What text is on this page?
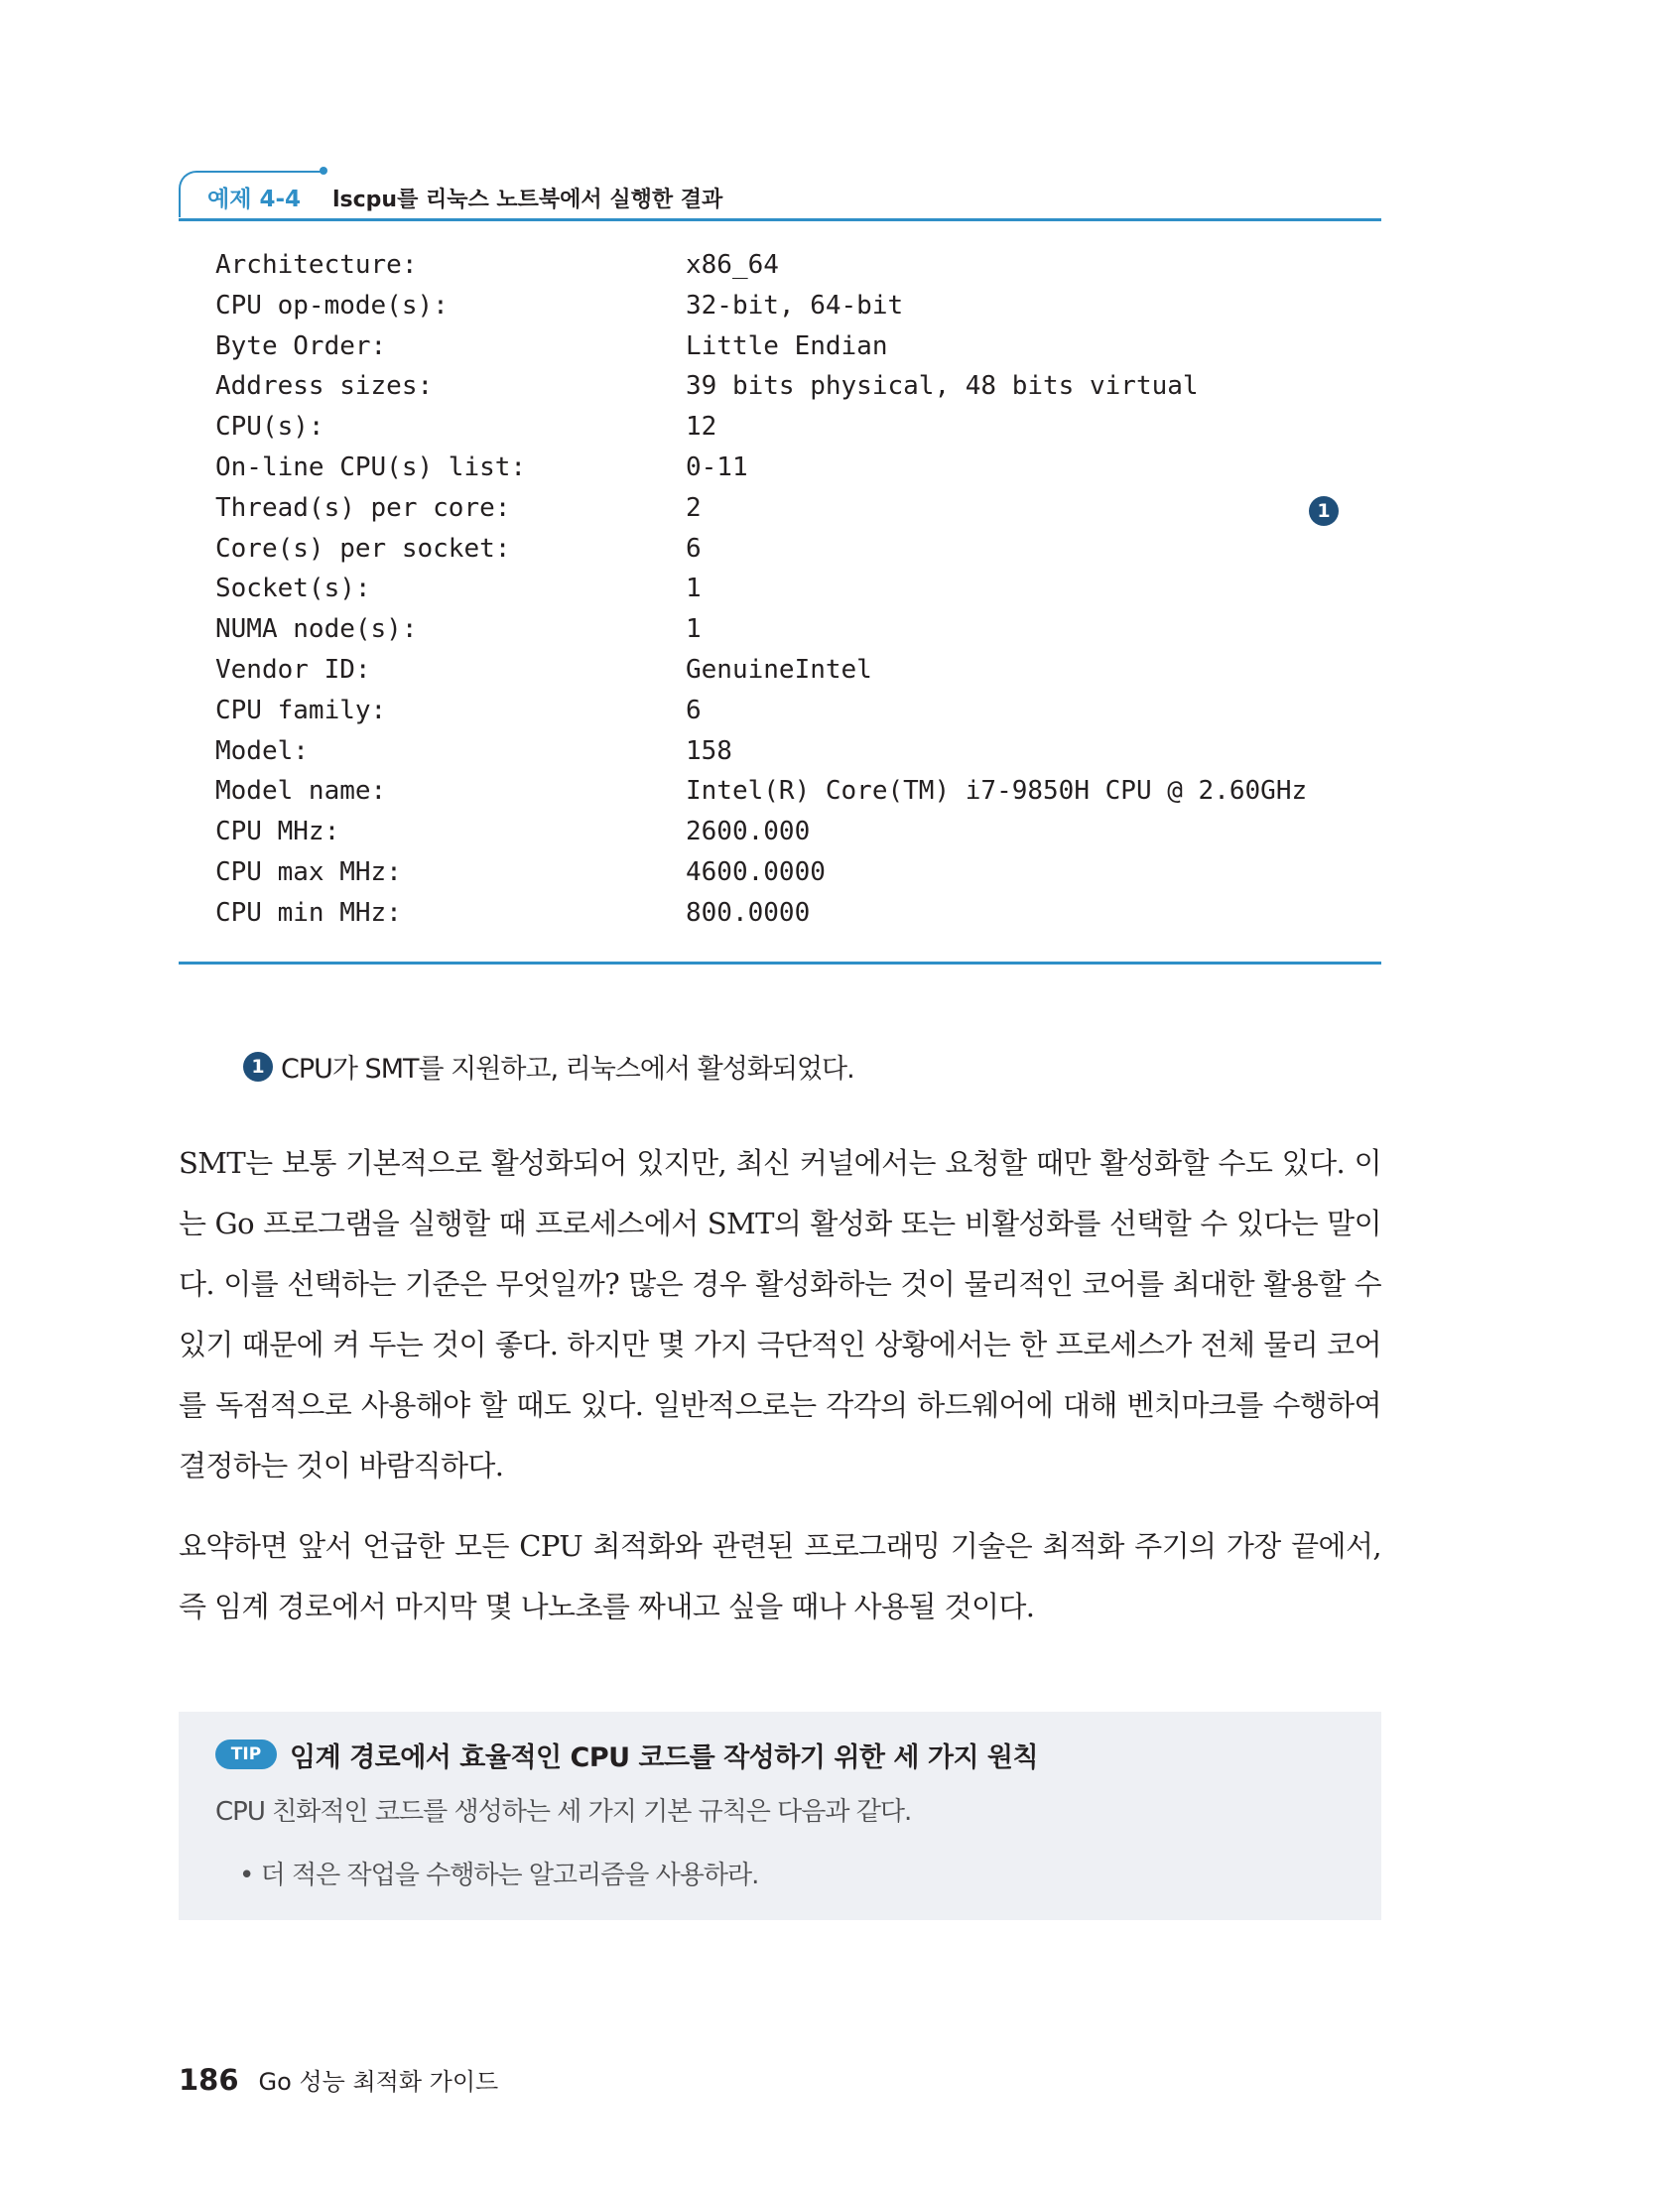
예제 4-4 lscpu를 리눅스 노트북에서 실행한 결과
Architecture:	x86_64
CPU op-mode(s):	32-bit, 64-bit
Byte Order:	Little Endian
Address sizes:	39 bits physical, 48 bits virtual
CPU(s):	12
On-line CPU(s) list:	0-11
Thread(s) per core:	2
Core(s) per socket:	6
Socket(s):	1
NUMA node(s):	1
Vendor ID:	GenuineIntel
CPU family:	6
Model:	158
Model name:	Intel(R) Core(TM) i7-9850H CPU @ 2.60GHz
CPU MHz:	2600.000
CPU max MHz:	4600.0000
CPU min MHz:	800.0000
1
1 CPU가 SMT를 지원하고, 리눅스에서 활성화되었다.

SMT는 보통 기본적으로 활성화되어 있지만, 최신 커널에서는 요청할 때만 활성화할 수도 있다. 이는 Go 프로그램을 실행할 때 프로세스에서 SMT의 활성화 또는 비활성화를 선택할 수 있다는 말이다. 이를 선택하는 기준은 무엇일까? 많은 경우 활성화하는 것이 물리적인 코어를 최대한 활용할 수 있기 때문에 켜 두는 것이 좋다. 하지만 몇 가지 극단적인 상황에서는 한 프로세스가 전체 물리 코어를 독점적으로 사용해야 할 때도 있다. 일반적으로는 각각의 하드웨어에 대해 벤치마크를 수행하여 결정하는 것이 바람직하다.

요약하면 앞서 언급한 모든 CPU 최적화와 관련된 프로그래밍 기술은 최적화 주기의 가장 끝에서, 즉 임계 경로에서 마지막 몇 나노초를 짜내고 싶을 때나 사용될 것이다.

TIP	임계 경로에서 효율적인 CPU 코드를 작성하기 위한 세 가지 원칙
CPU 친화적인 코드를 생성하는 세 가지 기본 규칙은 다음과 같다.
• 더 적은 작업을 수행하는 알고리즘을 사용하라.
186 Go 성능 최적화 가이드
